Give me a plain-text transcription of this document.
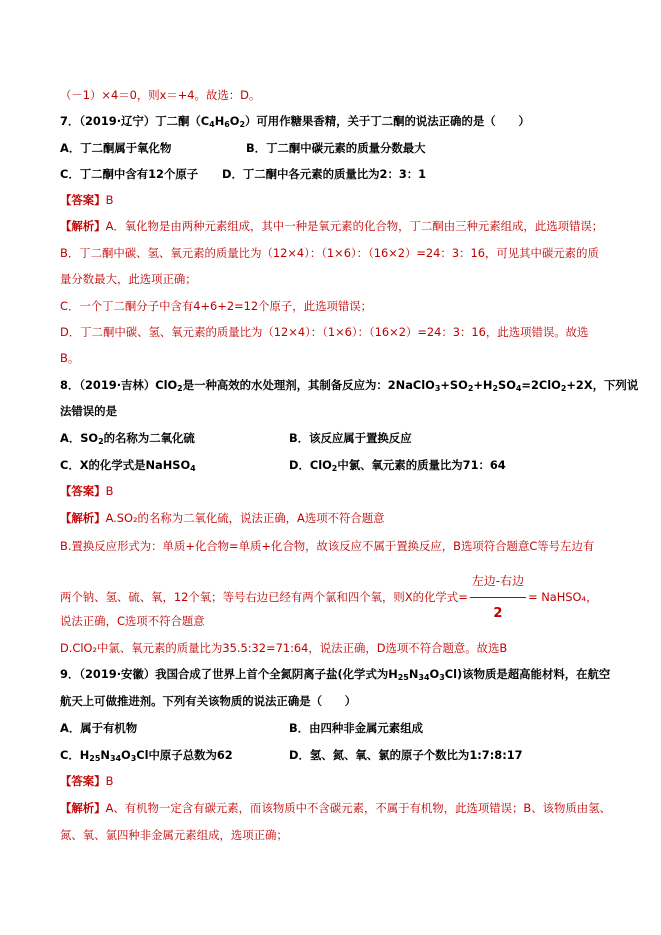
（－1）×4＝0，则x＝+4。故选：D。
7．（2019·辽宁）丁二酮$(C_4H_6O_2)$可用作糖果香精，关于丁二酮的说法正确的是（　　）
A．丁二酮属于氧化物	B．丁二酮中碳元素的质量分数最大
C．丁二酮中含有12个原子 D．丁二酮中各元素的质量比为2：3：1
【答案】B
【解析】A．氧化物是由两种元素组成，其中一种是氧元素的化合物，丁二酮由三种元素组成，此选项错误；
B．丁二酮中碳、氢、氧元素的质量比为（12×4）：（1×6）：（16×2）=24：3：16，可见其中碳元素的质
量分数最大，此选项正确；
C．一个丁二酮分子中含有4+6+2=12个原子，此选项错误；
D．丁二酮中碳、氢、氧元素的质量比为（12×4）：（1×6）：（16×2）=24：3：16，此选项错误。故选
B。
8．（2019·吉林）ClO$_2$是一种高效的水处理剂，其制备反应为：$2NaClO_3+SO_2+H_2SO_4=2ClO_2+2X$，下列说
法错误的是
A．$SO_2$的名称为二氧化硫	B．该反应属于置换反应
C．X的化学式是NaHSO$_4$	D．ClO$_2$中氯、氧元素的质量比为71：64
【答案】B
【解析】A.SO₂的名称为二氧化硫，说法正确，A选项不符合题意
B.置换反应形式为：单质+化合物=单质+化合物，故该反应不属于置换反应，B选项符合题意C等号左边有
两个钠、氢、硫、氧，12个氧；等号右边已经有两个氯和四个氧，则X的化学式= $\frac{\text{左边-右边}}{2}$ = NaHSO₄，
说法正确，C选项不符合题意
D.ClO₂中氯、氧元素的质量比为35.5:32=71:64，说法正确，D选项不符合题意。故选B
9．（2019·安徽）我国合成了世界上首个全氮阴离子盐(化学式为$H_{25}N_{34}O_3Cl$)该物质是超高能材料，在航空
航天上可做推进剂。下列有关该物质的说法正确是（　　）
A．属于有机物	B．由四种非金属元素组成
C．$H_{25}N_{34}O_3Cl$中原子总数为62	D．氢、氮、氧、氯的原子个数比为1:7:8:17
【答案】B
【解析】A、有机物一定含有碳元素，而该物质中不含碳元素，不属于有机物，此选项错误；B、该物质由氢、
氮、氧、氯四种非金属元素组成，选项正确；
